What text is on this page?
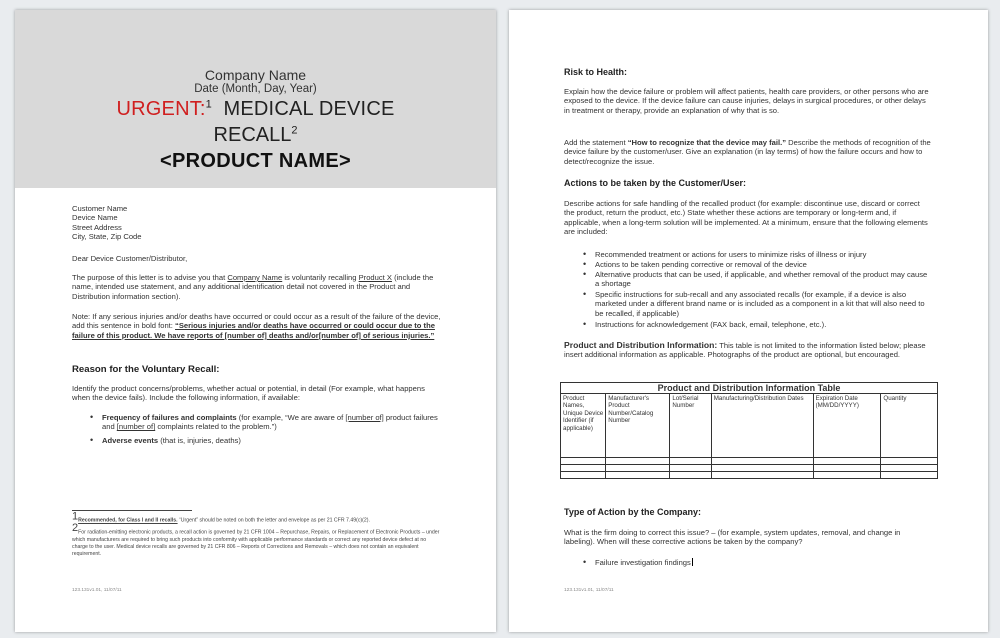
Company Name
Date (Month, Day, Year)
URGENT:$^1$ MEDICAL DEVICE
$RECALL^2$
<PRODUCT NAME>
Customer Name
Device Name
Street Address
City, State, Zip Code
Dear Device Customer/Distributor,
The purpose of this letter is to advise you that Company Name is voluntarily recalling Product X (include the name, intended use statement, and any additional identification detail not covered in the Product and Distribution information section).
Note: If any serious injuries and/or deaths have occurred or could occur as a result of the failure of the device, add this sentence in bold font: “Serious injuries and/or deaths have occurred or could occur due to the failure of this product. We have reports of [number of] deaths and/or[number of] of serious injuries.”
Reason for the Voluntary Recall:
Identify the product concerns/problems, whether actual or potential, in detail (For example, what happens when the device fails). Include the following information, if available:
• Frequency of failures and complaints (for example, “We are aware of [number of] product failures and [number of] complaints related to the problem.”)
• Adverse events (that is, injuries, deaths)
$^1$Recommended, for Class I and II recalls. “Urgent” should be noted on both the letter and envelope as per 21 CFR 7.49(c)(2).
$^2$For radiation-emitting electronic products, a recall action is governed by 21 CFR 1004 – Repurchase, Repairs, or Replacement of Electronic Products – under which manufacturers are required to bring such products into conformity with applicable performance standards or correct any reported device defect at no charge to the user. Medical device recalls are governed by 21 CFR 806 – Reports of Corrections and Removals – which does not contain an equivalent requirement.
123.131v1.01, 11/07/11
Risk to Health:
Explain how the device failure or problem will affect patients, health care providers, or other persons who are exposed to the device. If the device failure can cause injuries, delays in surgical procedures, or other delays in treatment or therapy, provide an explanation of why that is so.
Add the statement “How to recognize that the device may fail.” Describe the methods of recognition of the device failure by the customer/user. Give an explanation (in lay terms) of how the failure occurs and how to detect/recognize the issue.
Actions to be taken by the Customer/User:
Describe actions for safe handling of the recalled product (for example: discontinue use, discard or correct the product, return the product, etc.) State whether these actions are temporary or long-term and, if applicable, when a long-term solution will be implemented. At a minimum, ensure that the following elements are included:
• Recommended treatment or actions for users to minimize risks of illness or injury
• Actions to be taken pending corrective or removal of the device
• Alternative products that can be used, if applicable, and whether removal of the product may cause a shortage
• Specific instructions for sub-recall and any associated recalls (for example, if a device is also marketed under a different brand name or is included as a component in a kit that will also need to be recalled, if applicable)
• Instructions for acknowledgement (FAX back, email, telephone, etc.).
Product and Distribution Information: This table is not limited to the information listed below; please insert additional information as applicable. Photographs of the product are optional, but encouraged.
Product and Distribution Information Table					
Product Names, Unique Device Identifier (if applicable)	Manufacturer's Product Number/Catalog Number	Lot/Serial Number	Manufacturing/Distribution Dates	Expiration Date (MM/DD/YYYY)	Quantity

Type of Action by the Company:
What is the firm doing to correct this issue? – (for example, system updates, removal, and change in labeling). When will these corrective actions be taken by the company?
• Failure investigation findings
123.131v1.01, 11/07/11
